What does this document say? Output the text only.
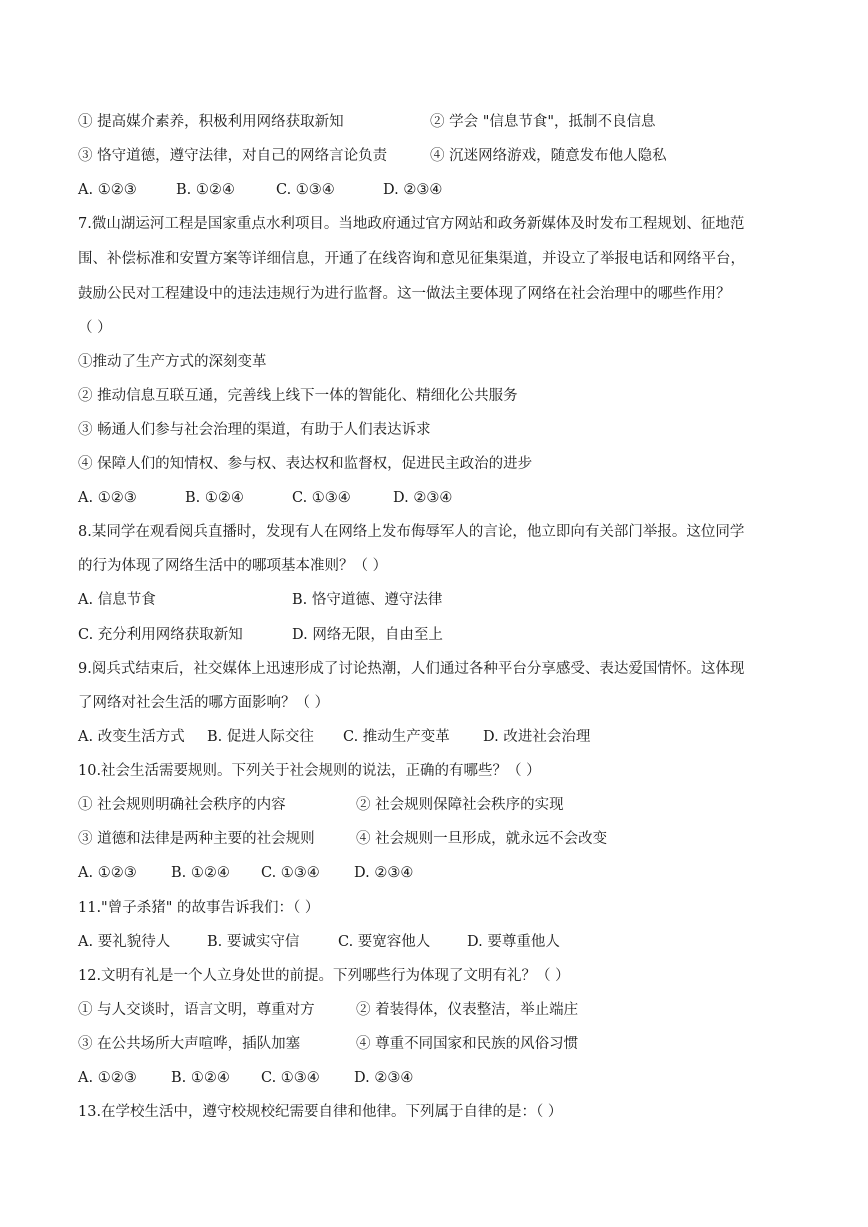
① 提高媒介素养，积极利用网络获取新知	② 学会 "信息节食"，抵制不良信息
③ 恪守道德，遵守法律，对自己的网络言论负责	④ 沉迷网络游戏，随意发布他人隐私
A. ①②③	B. ①②④	C. ①③④	D. ②③④
7.微山湖运河工程是国家重点水利项目。当地政府通过官方网站和政务新媒体及时发布工程规划、征地范
围、补偿标准和安置方案等详细信息，开通了在线咨询和意见征集渠道，并设立了举报电话和网络平台，
鼓励公民对工程建设中的违法违规行为进行监督。这一做法主要体现了网络在社会治理中的哪些作用？
（ ）
①推动了生产方式的深刻变革
② 推动信息互联互通，完善线上线下一体的智能化、精细化公共服务
③ 畅通人们参与社会治理的渠道，有助于人们表达诉求
④ 保障人们的知情权、参与权、表达权和监督权，促进民主政治的进步
A. ①②③	B. ①②④	C. ①③④	D. ②③④
8.某同学在观看阅兵直播时，发现有人在网络上发布侮辱军人的言论，他立即向有关部门举报。这位同学
的行为体现了网络生活中的哪项基本准则？（ ）
A. 信息节食	B. 恪守道德、遵守法律
C. 充分利用网络获取新知	D. 网络无限，自由至上
9.阅兵式结束后，社交媒体上迅速形成了讨论热潮，人们通过各种平台分享感受、表达爱国情怀。这体现
了网络对社会生活的哪方面影响？（ ）
A. 改变生活方式 B. 促进人际交往 C. 推动生产变革 D. 改进社会治理
10.社会生活需要规则。下列关于社会规则的说法，正确的有哪些？（ ）
① 社会规则明确社会秩序的内容	② 社会规则保障社会秩序的实现
③ 道德和法律是两种主要的社会规则	④ 社会规则一旦形成，就永远不会改变
A. ①②③ B. ①②④ C. ①③④ D. ②③④
11."曾子杀猪" 的故事告诉我们：（ ）
A. 要礼貌待人	B. 要诚实守信	C. 要宽容他人	D. 要尊重他人
12.文明有礼是一个人立身处世的前提。下列哪些行为体现了文明有礼？（ ）
① 与人交谈时，语言文明，尊重对方	② 着装得体，仪表整洁，举止端庄
③ 在公共场所大声喧哗，插队加塞	④ 尊重不同国家和民族的风俗习惯
A. ①②③ B. ①②④ C. ①③④ D. ②③④
13.在学校生活中，遵守校规校纪需要自律和他律。下列属于自律的是：（ ）
